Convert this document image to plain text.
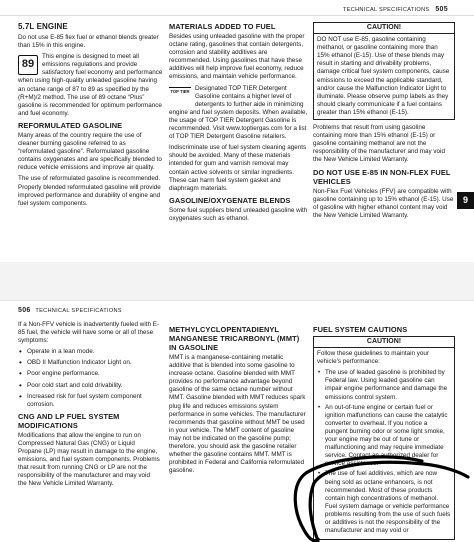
TECHNICAL SPECIFICATIONS 505
5.7L ENGINE

Do not use E-85 flex fuel or ethanol blends greater than 15% in this engine.

89
This engine is designed to meet all emissions regulations and provide satisfactory fuel economy and performance when using high-quality unleaded gasoline having an octane range of 87 to 89 as specified by the (R+M)/2 method. The use of 89 octane “Plus” gasoline is recommended for optimum performance and fuel economy.

REFORMULATED GASOLINE

Many areas of the country require the use of cleaner burning gasoline referred to as “reformulated gasoline”. Reformulated gasoline contains oxygenates and are specifically blended to reduce vehicle emissions and improve air quality.

The use of reformulated gasoline is recommended. Properly blended reformulated gasoline will provide improved performance and durability of engine and fuel system components.

MATERIALS ADDED TO FUEL

Besides using unleaded gasoline with the proper octane rating, gasolines that contain detergents, corrosion and stability additives are recommended. Using gasolines that have these additives will help improve fuel economy, reduce emissions, and maintain vehicle performance.

TOP TIER Designated TOP TIER Detergent Gasoline contains a higher level of detergents to further aide in minimizing engine and fuel system deposits. When available, the usage of TOP TIER Detergent Gasoline is recommended. Visit www.toptiergas.com for a list of TOP TIER Detergent Gasoline retailers.

Indiscriminate use of fuel system cleaning agents should be avoided. Many of these materials intended for gum and varnish removal may contain active solvents or similar ingredients. These can harm fuel system gasket and diaphragm materials.

GASOLINE/OXYGENATE BLENDS

Some fuel suppliers blend unleaded gasoline with oxygenates such as ethanol.

CAUTION!
DO NOT use E-85, gasoline containing methanol, or gasoline containing more than 15% ethanol (E-15). Use of these blends may result in starting and drivability problems, damage critical fuel system components, cause emissions to exceed the applicable standard, and/or cause the Malfunction Indicator Light to illuminate. Please observe pump labels as they should clearly communicate if a fuel contains greater than 15% ethanol (E-15).

Problems that result from using gasoline containing more than 15% ethanol (E-15) or gasoline containing methanol are not the responsibility of the manufacturer and may void the New Vehicle Limited Warranty.

DO NOT USE E-85 IN NON-FLEX FUEL VEHICLES

Non-Flex Fuel Vehicles (FFV) are compatible with gasoline containing up to 15% ethanol (E-15). Use of gasoline with higher ethanol content may void the New Vehicle Limited Warranty.

9
506 TECHNICAL SPECIFICATIONS

If a Non-FFV vehicle is inadvertently fueled with E-85 fuel, the vehicle will have some or all of these symptoms:

• Operate in a lean mode.
• OBD II Malfunction Indicator Light on.
• Poor engine performance.
• Poor cold start and cold drivability.
• Increased risk for fuel system component corrosion.
CNG AND LP FUEL SYSTEM MODIFICATIONS

Modifications that allow the engine to run on Compressed Natural Gas (CNG) or Liquid Propane (LP) may result in damage to the engine, emissions, and fuel system components. Problems that result from running CNG or LP are not the responsibility of the manufacturer and may void the New Vehicle Limited Warranty.

METHYLCYCLOPENTADIENYL MANGANESE TRICARBONYL (MMT) IN GASOLINE

MMT is a manganese-containing metallic additive that is blended into some gasoline to increase octane. Gasoline blended with MMT provides no performance advantage beyond gasoline of the same octane number without MMT. Gasoline blended with MMT reduces spark plug life and reduces emissions system performance in some vehicles. The manufacturer recommends that gasoline without MMT be used in your vehicle. The MMT content of gasoline may not be indicated on the gasoline pump; therefore, you should ask the gasoline retailer whether the gasoline contains MMT. MMT is prohibited in Federal and California reformulated gasoline.

FUEL SYSTEM CAUTIONS
CAUTION!

Follow these guidelines to maintain your vehicle’s performance:

• The use of leaded gasoline is prohibited by Federal law. Using leaded gasoline can impair engine performance and damage the emissions control system.
• An out-of-tune engine or certain fuel or ignition malfunctions can cause the catalytic converter to overheat. If you notice a pungent burning odor or some light smoke, your engine may be out of tune or malfunctioning and may require immediate service. Contact an authorized dealer for service assistance.
• The use of fuel additives, which are now being sold as octane enhancers, is not recommended. Most of these products contain high concentrations of methanol. Fuel system damage or vehicle performance problems resulting from the use of such fuels or additives is not the responsibility of the manufacturer and may void or
